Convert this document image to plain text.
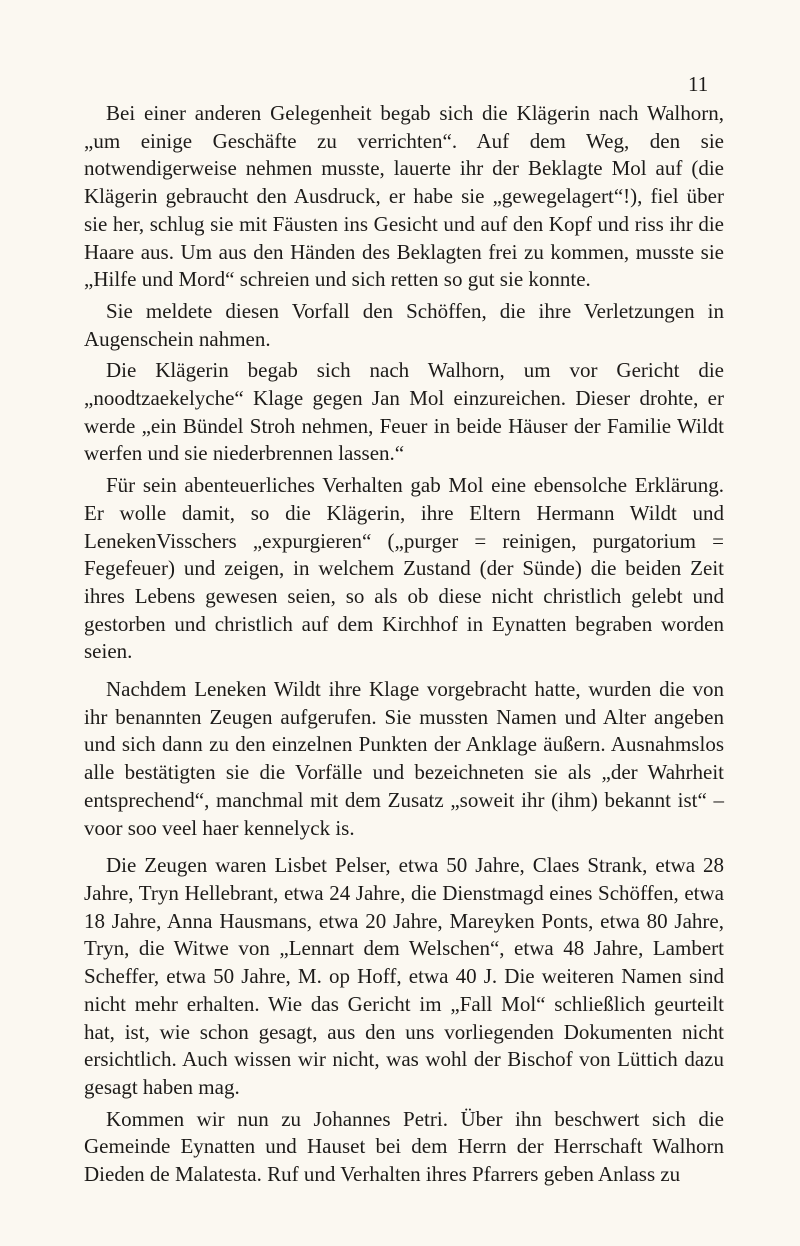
11

Bei einer anderen Gelegenheit begab sich die Klägerin nach Walhorn, „um einige Geschäfte zu verrichten“. Auf dem Weg, den sie notwendigerweise nehmen musste, lauerte ihr der Beklagte Mol auf (die Klägerin gebraucht den Ausdruck, er habe sie „gewegelagert“!), fiel über sie her, schlug sie mit Fäusten ins Gesicht und auf den Kopf und riss ihr die Haare aus. Um aus den Händen des Beklagten frei zu kommen, musste sie „Hilfe und Mord“ schreien und sich retten so gut sie konnte.

Sie meldete diesen Vorfall den Schöffen, die ihre Verletzungen in Augenschein nahmen.

Die Klägerin begab sich nach Walhorn, um vor Gericht die „noodtzaekelyche“ Klage gegen Jan Mol einzureichen. Dieser drohte, er werde „ein Bündel Stroh nehmen, Feuer in beide Häuser der Familie Wildt werfen und sie niederbrennen lassen.“

Für sein abenteuerliches Verhalten gab Mol eine ebensolche Erklärung. Er wolle damit, so die Klägerin, ihre Eltern Hermann Wildt und LenekenVisschers „expurgieren“ („purger = reinigen, purgatorium = Fegefeuer) und zeigen, in welchem Zustand (der Sünde) die beiden Zeit ihres Lebens gewesen seien, so als ob diese nicht christlich gelebt und gestorben und christlich auf dem Kirchhof in Eynatten begraben worden seien.

Nachdem Leneken Wildt ihre Klage vorgebracht hatte, wurden die von ihr benannten Zeugen aufgerufen. Sie mussten Namen und Alter angeben und sich dann zu den einzelnen Punkten der Anklage äußern. Ausnahmslos alle bestätigten sie die Vorfälle und bezeichneten sie als „der Wahrheit entsprechend“, manchmal mit dem Zusatz „soweit ihr (ihm) bekannt ist“ – voor soo veel haer kennelyck is.

Die Zeugen waren Lisbet Pelser, etwa 50 Jahre, Claes Strank, etwa 28 Jahre, Tryn Hellebrant, etwa 24 Jahre, die Dienstmagd eines Schöffen, etwa 18 Jahre, Anna Hausmans, etwa 20 Jahre, Mareyken Ponts, etwa 80 Jahre, Tryn, die Witwe von „Lennart dem Welschen“, etwa 48 Jahre, Lambert Scheffer, etwa 50 Jahre, M. op Hoff, etwa 40 J. Die weiteren Namen sind nicht mehr erhalten. Wie das Gericht im „Fall Mol“ schließlich geurteilt hat, ist, wie schon gesagt, aus den uns vorliegenden Dokumenten nicht ersichtlich. Auch wissen wir nicht, was wohl der Bischof von Lüttich dazu gesagt haben mag.

Kommen wir nun zu Johannes Petri. Über ihn beschwert sich die Gemeinde Eynatten und Hauset bei dem Herrn der Herrschaft Walhorn Dieden de Malatesta. Ruf und Verhalten ihres Pfarrers geben Anlass zu
